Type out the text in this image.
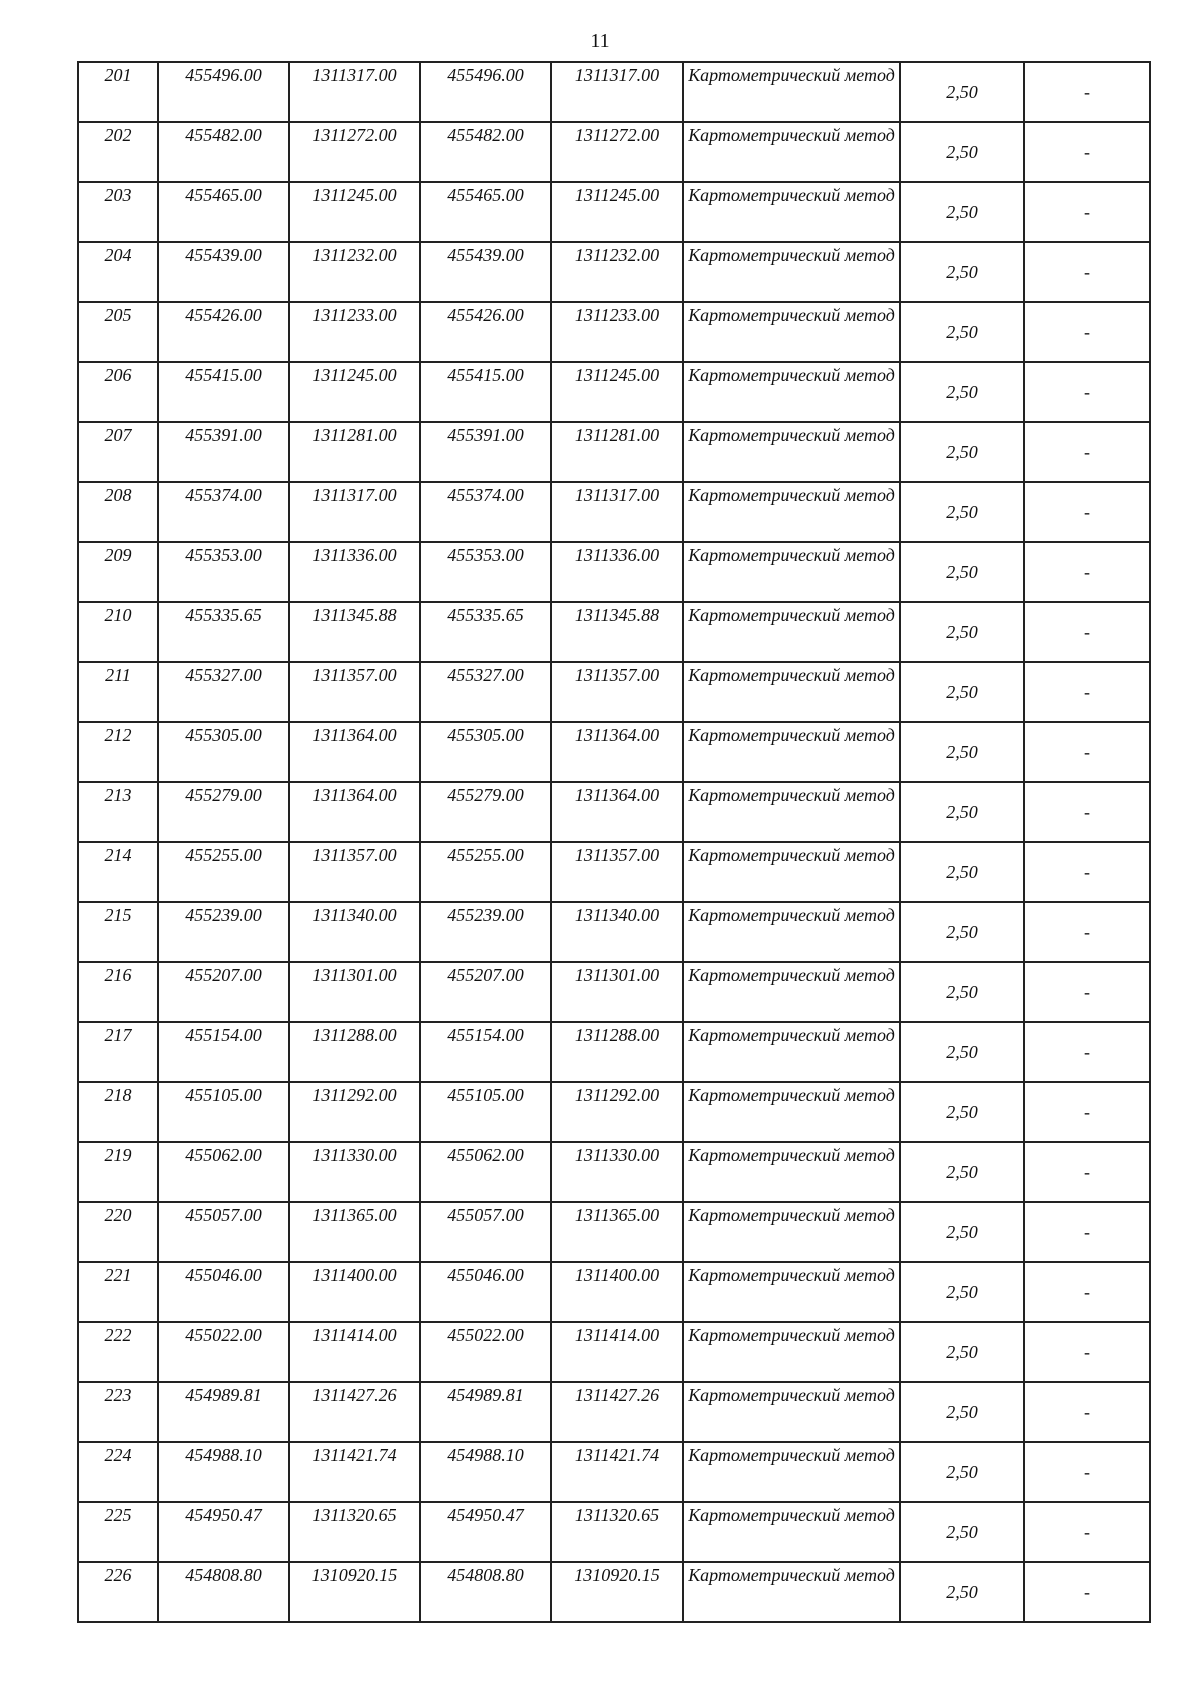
11
201	455496.00	1311317.00	455496.00	1311317.00	Картометрический метод	2,50	-
202	455482.00	1311272.00	455482.00	1311272.00	Картометрический метод	2,50	-
203	455465.00	1311245.00	455465.00	1311245.00	Картометрический метод	2,50	-
204	455439.00	1311232.00	455439.00	1311232.00	Картометрический метод	2,50	-
205	455426.00	1311233.00	455426.00	1311233.00	Картометрический метод	2,50	-
206	455415.00	1311245.00	455415.00	1311245.00	Картометрический метод	2,50	-
207	455391.00	1311281.00	455391.00	1311281.00	Картометрический метод	2,50	-
208	455374.00	1311317.00	455374.00	1311317.00	Картометрический метод	2,50	-
209	455353.00	1311336.00	455353.00	1311336.00	Картометрический метод	2,50	-
210	455335.65	1311345.88	455335.65	1311345.88	Картометрический метод	2,50	-
211	455327.00	1311357.00	455327.00	1311357.00	Картометрический метод	2,50	-
212	455305.00	1311364.00	455305.00	1311364.00	Картометрический метод	2,50	-
213	455279.00	1311364.00	455279.00	1311364.00	Картометрический метод	2,50	-
214	455255.00	1311357.00	455255.00	1311357.00	Картометрический метод	2,50	-
215	455239.00	1311340.00	455239.00	1311340.00	Картометрический метод	2,50	-
216	455207.00	1311301.00	455207.00	1311301.00	Картометрический метод	2,50	-
217	455154.00	1311288.00	455154.00	1311288.00	Картометрический метод	2,50	-
218	455105.00	1311292.00	455105.00	1311292.00	Картометрический метод	2,50	-
219	455062.00	1311330.00	455062.00	1311330.00	Картометрический метод	2,50	-
220	455057.00	1311365.00	455057.00	1311365.00	Картометрический метод	2,50	-
221	455046.00	1311400.00	455046.00	1311400.00	Картометрический метод	2,50	-
222	455022.00	1311414.00	455022.00	1311414.00	Картометрический метод	2,50	-
223	454989.81	1311427.26	454989.81	1311427.26	Картометрический метод	2,50	-
224	454988.10	1311421.74	454988.10	1311421.74	Картометрический метод	2,50	-
225	454950.47	1311320.65	454950.47	1311320.65	Картометрический метод	2,50	-
226	454808.80	1310920.15	454808.80	1310920.15	Картометрический метод	2,50	-
